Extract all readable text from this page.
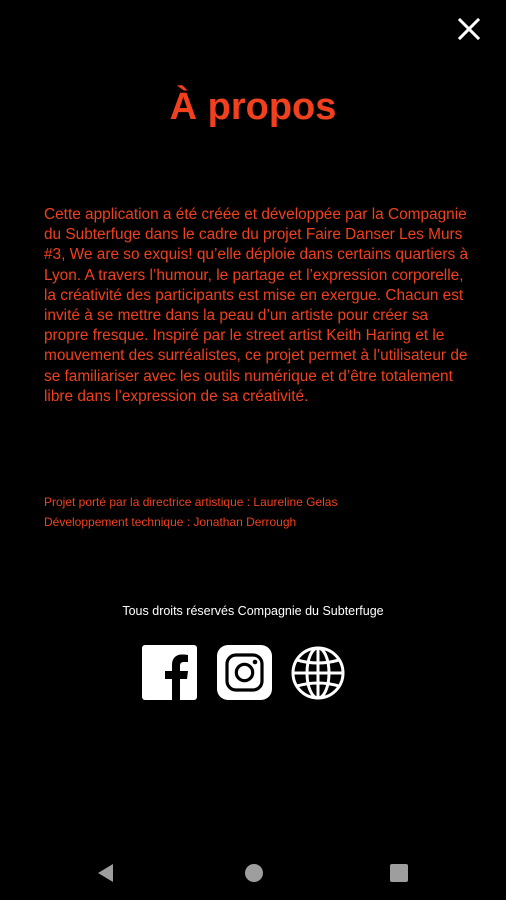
À propos

Cette application a été créée et développée par la Compagnie du Subterfuge dans le cadre du projet Faire Danser Les Murs #3, We are so exquis! qu’elle déploie dans certains quartiers à Lyon. A travers l’humour, le partage et l’expression corporelle, la créativité des participants est mise en exergue. Chacun est invité à se mettre dans la peau d’un artiste pour créer sa propre fresque. Inspiré par le street artist Keith Haring et le mouvement des surréalistes, ce projet permet à l’utilisateur de se familiariser avec les outils numérique et d’être totalement libre dans l’expression de sa créativité.

Projet porté par la directrice artistique : Laureline Gelas
Développement technique : Jonathan Derrough
Tous droits réservés Compagnie du Subterfuge
